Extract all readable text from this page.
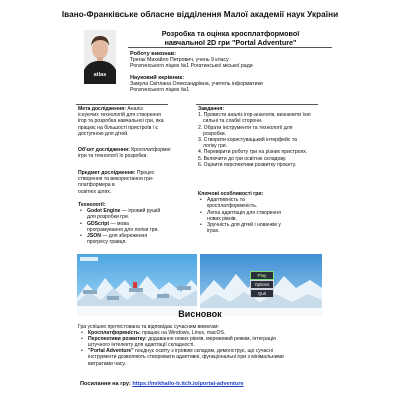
Івано-Франківське обласне відділення Малої академії наук України
atlas
Розробка та оцінка кросплатформової
навчальної 2D гри "Portal Adventure"
Роботу виконав:
Трегак Михайло Петрович, учень 9 класу
Рогатинського ліцею №1 Рогатинської міської ради
Науковий керівник:
Замула Світлана Олександрівна, учитель інформатики
Рогатинського ліцею №1
Мета дослідження: Аналіз
існуючих технологій для створення
ігор та розробка навчальної гри, яка
працює на більшості пристроїв і є
доступною для дітей.
Об'єкт дослідження: Кросплатформні
ігри та технології їх розробки.
Предмет дослідження: Процес
створення та використання гри-
платформера в
освітніх цілях.
Технології:
• Godot Engine — ігровий рушій
для розробки гри.
• GDScript — мова
програмування для логіки гри.
• JSON — для збереження
прогресу гравця.
Завдання:
1. Провести аналіз ігор-аналогів, визначити їхні
сильні та слабкі сторони.
2. Обрати інструменти та технології для
розробки.
3. Створити користувацький інтерфейс та
логіку гри.
4. Перевірити роботу гри на різних пристроях.
5. Включити до гри освітню складову.
6. Оцінити перспективи розвитку проєкту.
Ключові особливості гри:
• Адаптивність та
кросплатформеність.
• Легка адаптація для створення
нових рівнів.
• Зручність для дітей і новачків у
іграх.
Play
Options
Quit
Висновок
Гра успішно протестована та відповідає сучасним вимогам:
• Кросплатформність: працює на Windows, Linux, macOS.
• Перспективи розвитку: додавання нових рівнів, мережевий режим, інтеграція
штучного інтелекту для адаптації складності.
• "Portal Adventure" поєднує освіту з ігровим складом, демонструє, що сучасні
інструменти дозволяють створювати адаптивні, функціональні ігри з мінімальними
витратами часу.
Посилання на гру: https://mrkhailo-tr.itch.io/portal-adventure
